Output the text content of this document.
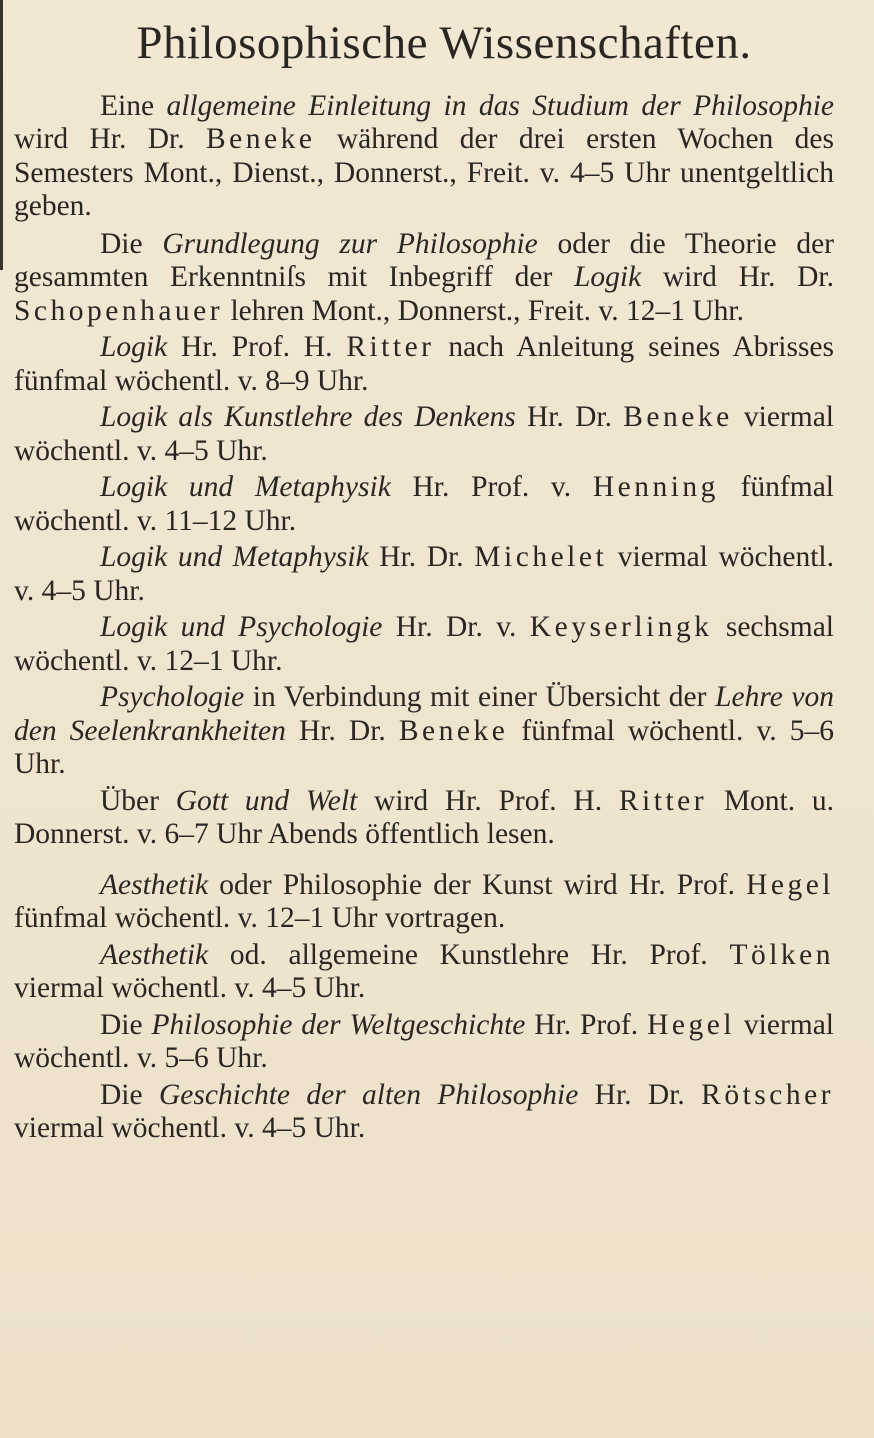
Philosophische Wissenschaften.

Eine allgemeine Einleitung in das Studium der Philosophie wird Hr. Dr. Beneke während der drei ersten Wochen des Semesters Mont., Dienst., Donnerst., Freit. v. 4–5 Uhr unentgeltlich geben.

Die Grundlegung zur Philosophie oder die Theorie der gesammten Erkenntniſs mit Inbegriff der Logik wird Hr. Dr. Schopenhauer lehren Mont., Donnerst., Freit. v. 12–1 Uhr.

Logik Hr. Prof. H. Ritter nach Anleitung seines Abrisses fünfmal wöchentl. v. 8–9 Uhr.

Logik als Kunstlehre des Denkens Hr. Dr. Beneke viermal wöchentl. v. 4–5 Uhr.

Logik und Metaphysik Hr. Prof. v. Henning fünfmal wöchentl. v. 11–12 Uhr.

Logik und Metaphysik Hr. Dr. Michelet viermal wöchentl. v. 4–5 Uhr.

Logik und Psychologie Hr. Dr. v. Keyserlingk sechsmal wöchentl. v. 12–1 Uhr.

Psychologie in Verbindung mit einer Übersicht der Lehre von den Seelenkrankheiten Hr. Dr. Beneke fünfmal wöchentl. v. 5–6 Uhr.

Über Gott und Welt wird Hr. Prof. H. Ritter Mont. u. Donnerst. v. 6–7 Uhr Abends öffentlich lesen.

Aesthetik oder Philosophie der Kunst wird Hr. Prof. Hegel fünfmal wöchentl. v. 12–1 Uhr vortragen.

Aesthetik od. allgemeine Kunstlehre Hr. Prof. Tölken viermal wöchentl. v. 4–5 Uhr.

Die Philosophie der Weltgeschichte Hr. Prof. Hegel viermal wöchentl. v. 5–6 Uhr.

Die Geschichte der alten Philosophie Hr. Dr. Rötscher viermal wöchentl. v. 4–5 Uhr.
